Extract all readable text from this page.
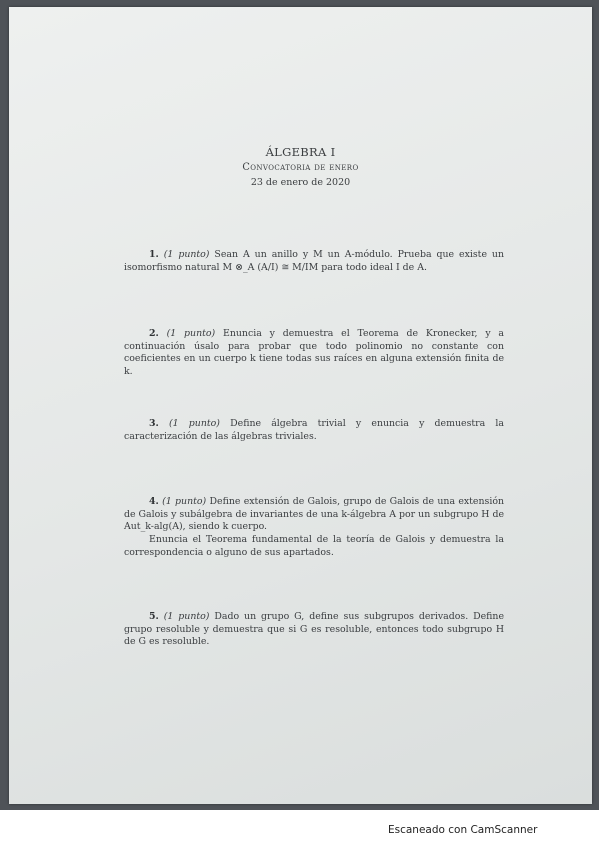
ÁLGEBRA I
Convocatoria de enero
23 de enero de 2020

1. (1 punto) Sean A un anillo y M un A-módulo. Prueba que existe un isomorfismo natural M ⊗_A (A/I) ≅ M/IM para todo ideal I de A.

2. (1 punto) Enuncia y demuestra el Teorema de Kronecker, y a continuación úsalo para probar que todo polinomio no constante con coeficientes en un cuerpo k tiene todas sus raíces en alguna extensión finita de k.

3. (1 punto) Define álgebra trivial y enuncia y demuestra la caracterización de las álgebras triviales.

4. (1 punto) Define extensión de Galois, grupo de Galois de una extensión de Galois y subálgebra de invariantes de una k-álgebra A por un subgrupo H de Aut_k-alg(A), siendo k cuerpo.

Enuncia el Teorema fundamental de la teoría de Galois y demuestra la correspondencia o alguno de sus apartados.

5. (1 punto) Dado un grupo G, define sus subgrupos derivados. Define grupo resoluble y demuestra que si G es resoluble, entonces todo subgrupo H de G es resoluble.

Escaneado con CamScanner
